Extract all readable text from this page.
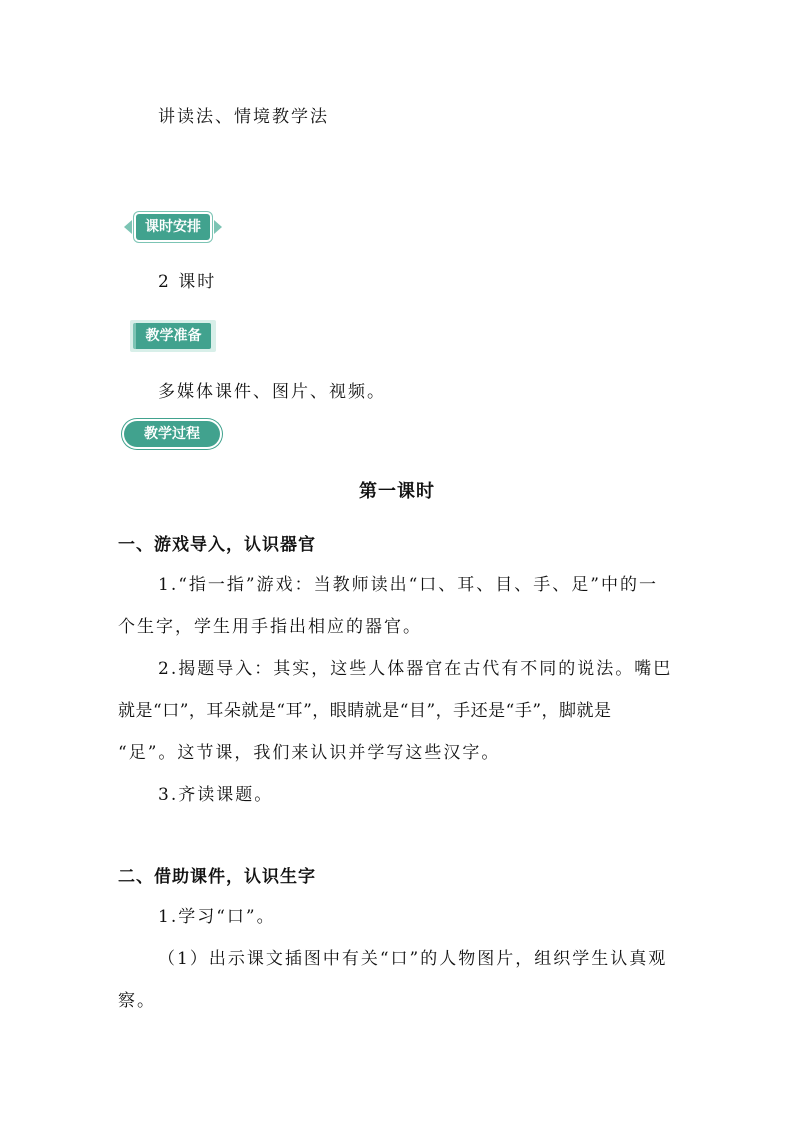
讲读法、情境教学法
课时安排
2 课时
教学准备
多媒体课件、图片、视频。
教学过程
第一课时
一、游戏导入，认识器官
1.“指一指”游戏：当教师读出“口、耳、目、手、足”中的一
个生字，学生用手指出相应的器官。
2.揭题导入：其实，这些人体器官在古代有不同的说法。嘴巴
就是“口”，耳朵就是“耳”，眼睛就是“目”，手还是“手”，脚就是
“足”。这节课，我们来认识并学写这些汉字。
3.齐读课题。
二、借助课件，认识生字
1.学习“口”。
（1）出示课文插图中有关“口”的人物图片，组织学生认真观
察。
